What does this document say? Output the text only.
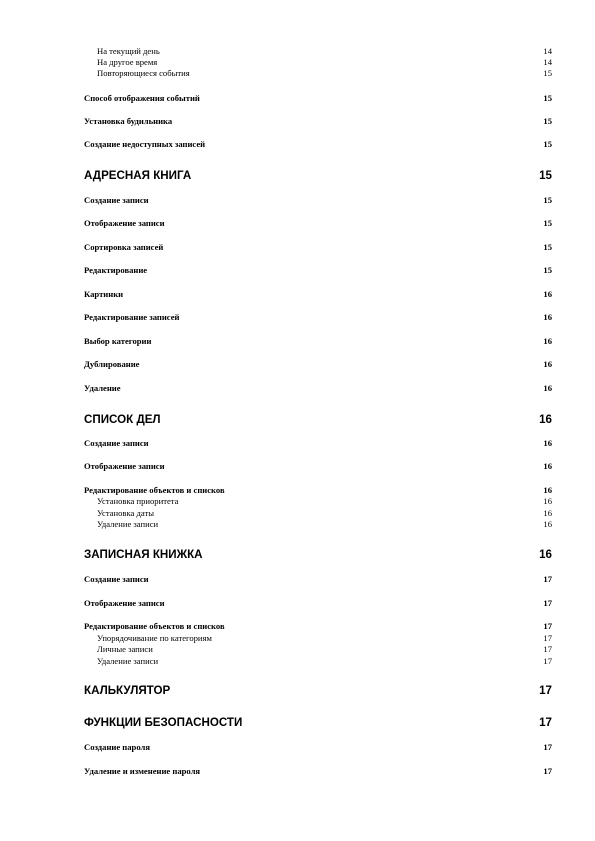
На текущий день	14
На другое время	14
Повторяющиеся события	15
Способ отображения событий	15
Установка будильника	15
Создание недоступных записей	15
АДРЕСНАЯ КНИГА	15
Создание записи	15
Отображение записи	15
Сортировка записей	15
Редактирование	15
Картинки	16
Редактирование записей	16
Выбор категории	16
Дублирование	16
Удаление	16
СПИСОК ДЕЛ	16
Создание записи	16
Отображение записи	16
Редактирование объектов и списков	16
Установка приоритета	16
Установка даты	16
Удаление записи	16
ЗАПИСНАЯ КНИЖКА	16
Создание записи	17
Отображение записи	17
Редактирование объектов и списков	17
Упорядочивание по категориям	17
Личные записи	17
Удаление записи	17
КАЛЬКУЛЯТОР	17
ФУНКЦИИ БЕЗОПАСНОСТИ	17
Создание пароля	17
Удаление и изменение пароля	17
